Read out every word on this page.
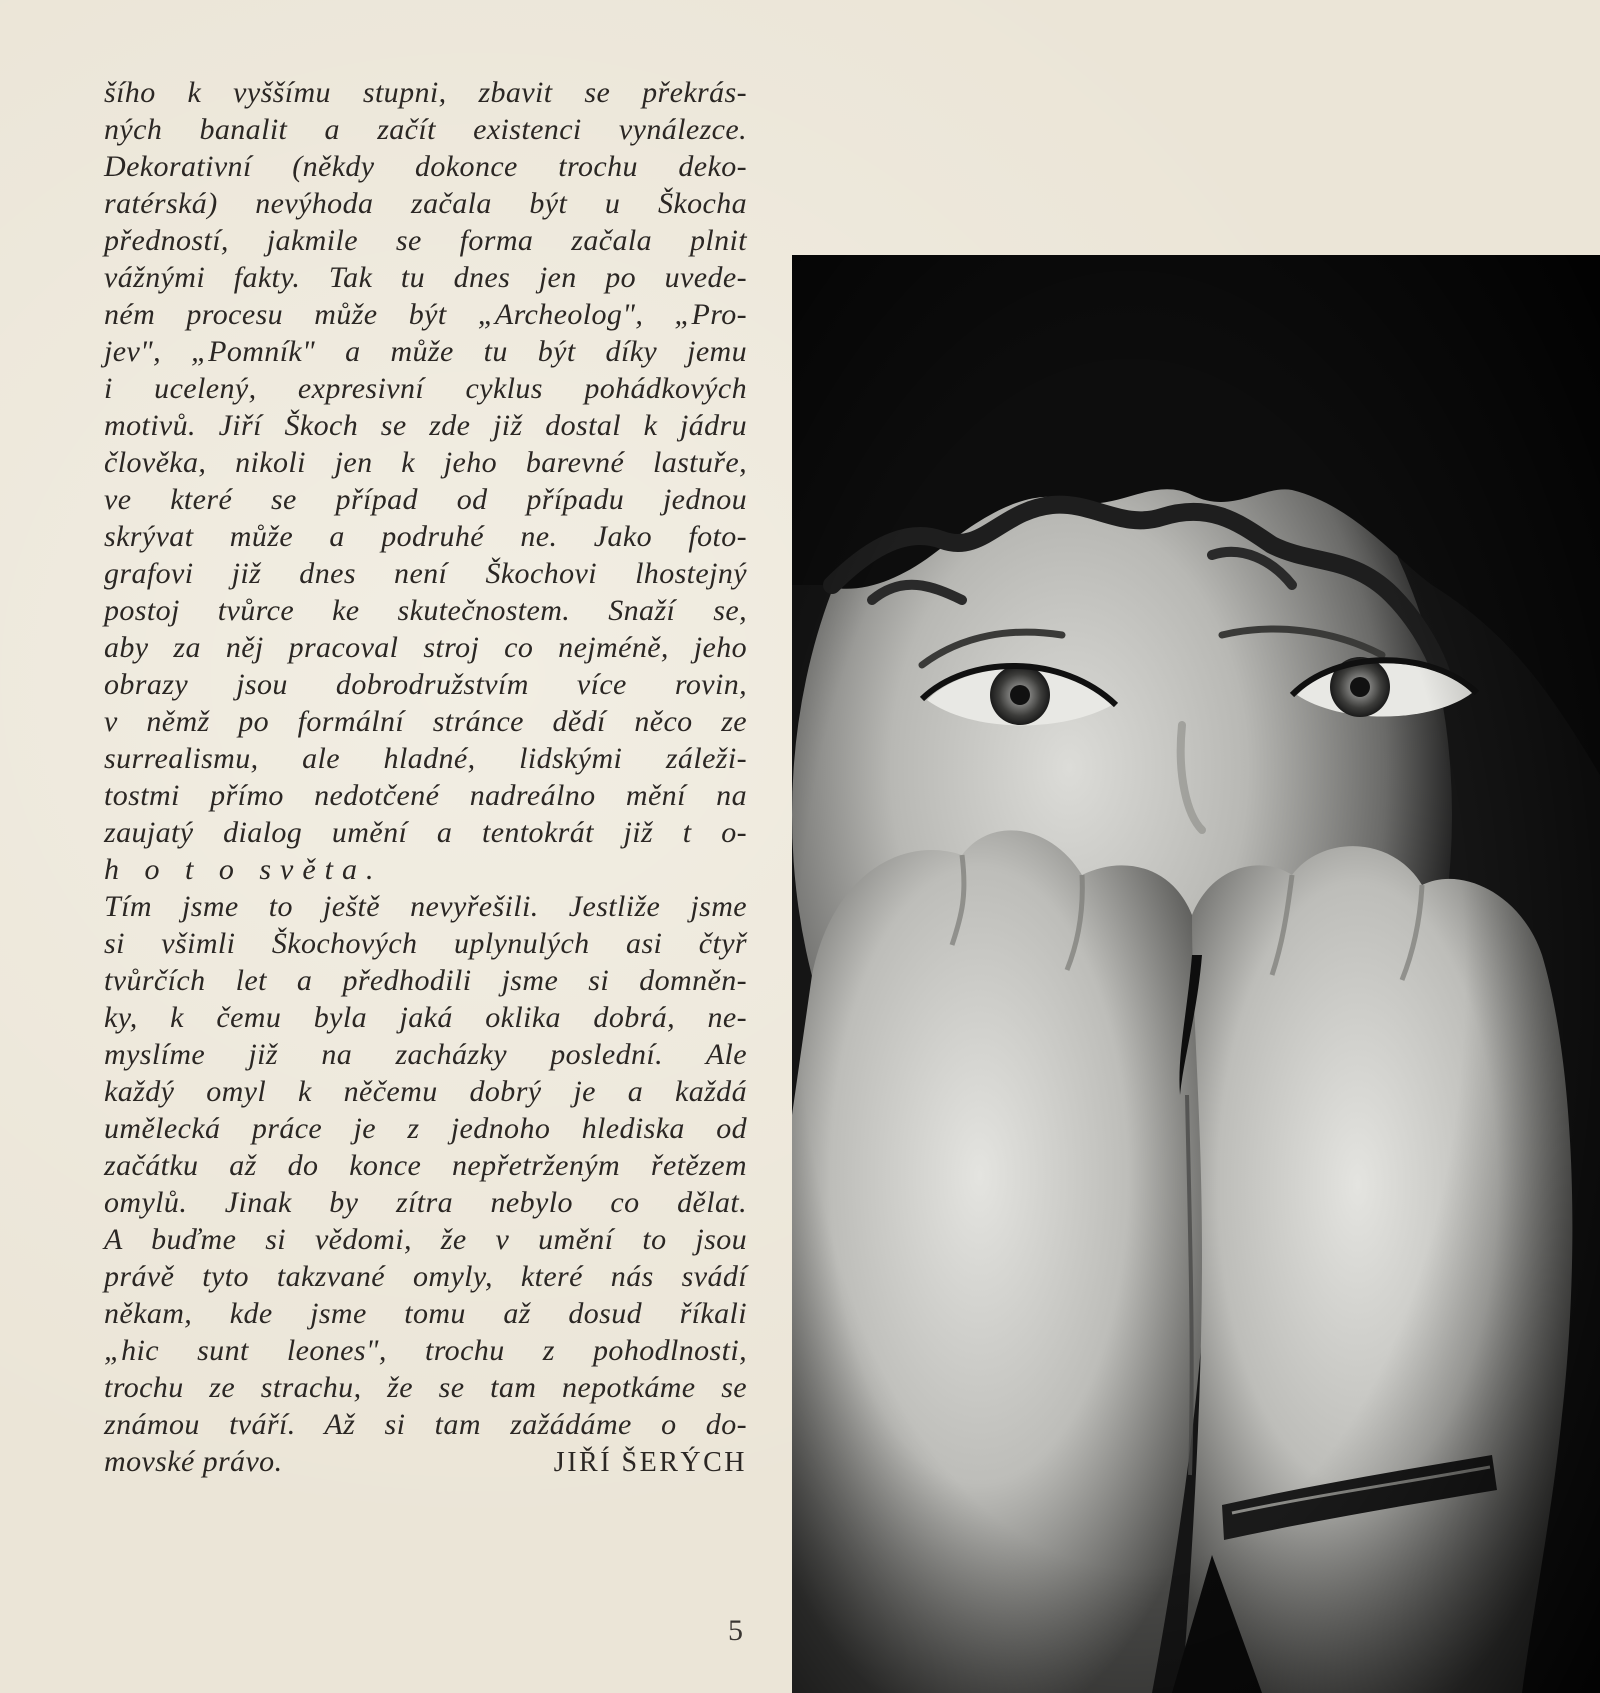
šího k vyššímu stupni, zbavit se překrás-
ných banalit a začít existenci vynálezce.
Dekorativní (někdy dokonce trochu deko-
ratérská) nevýhoda začala být u Škocha
předností, jakmile se forma začala plnit
vážnými fakty. Tak tu dnes jen po uvede-
ném procesu může být „Archeolog", „Pro-
jev", „Pomník" a může tu být díky jemu
i ucelený, expresivní cyklus pohádkových
motivů. Jiří Škoch se zde již dostal k jádru
člověka, nikoli jen k jeho barevné lastuře,
ve které se případ od případu jednou
skrývat může a podruhé ne. Jako foto-
grafovi již dnes není Škochovi lhostejný
postoj tvůrce ke skutečnostem. Snaží se,
aby za něj pracoval stroj co nejméně, jeho
obrazy jsou dobrodružstvím více rovin,
v němž po formální stránce dědí něco ze
surrealismu, ale hladné, lidskými záleži-
tostmi přímo nedotčené nadreálno mění na
zaujatý dialog umění a tentokrát již t o-
h o t o světa.
Tím jsme to ještě nevyřešili. Jestliže jsme
si všimli Škochových uplynulých asi čtyř
tvůrčích let a předhodili jsme si domněn-
ky, k čemu byla jaká oklika dobrá, ne-
myslíme již na zacházky poslední. Ale
každý omyl k něčemu dobrý je a každá
umělecká práce je z jednoho hlediska od
začátku až do konce nepřetrženým řetězem
omylů. Jinak by zítra nebylo co dělat.
A buďme si vědomi, že v umění to jsou
právě tyto takzvané omyly, které nás svádí
někam, kde jsme tomu až dosud říkali
„hic sunt leones", trochu z pohodlnosti,
trochu ze strachu, že se tam nepotkáme se
známou tváří. Až si tam zažádáme o do-
movské právo.	JIŘÍ ŠERÝCH
5
